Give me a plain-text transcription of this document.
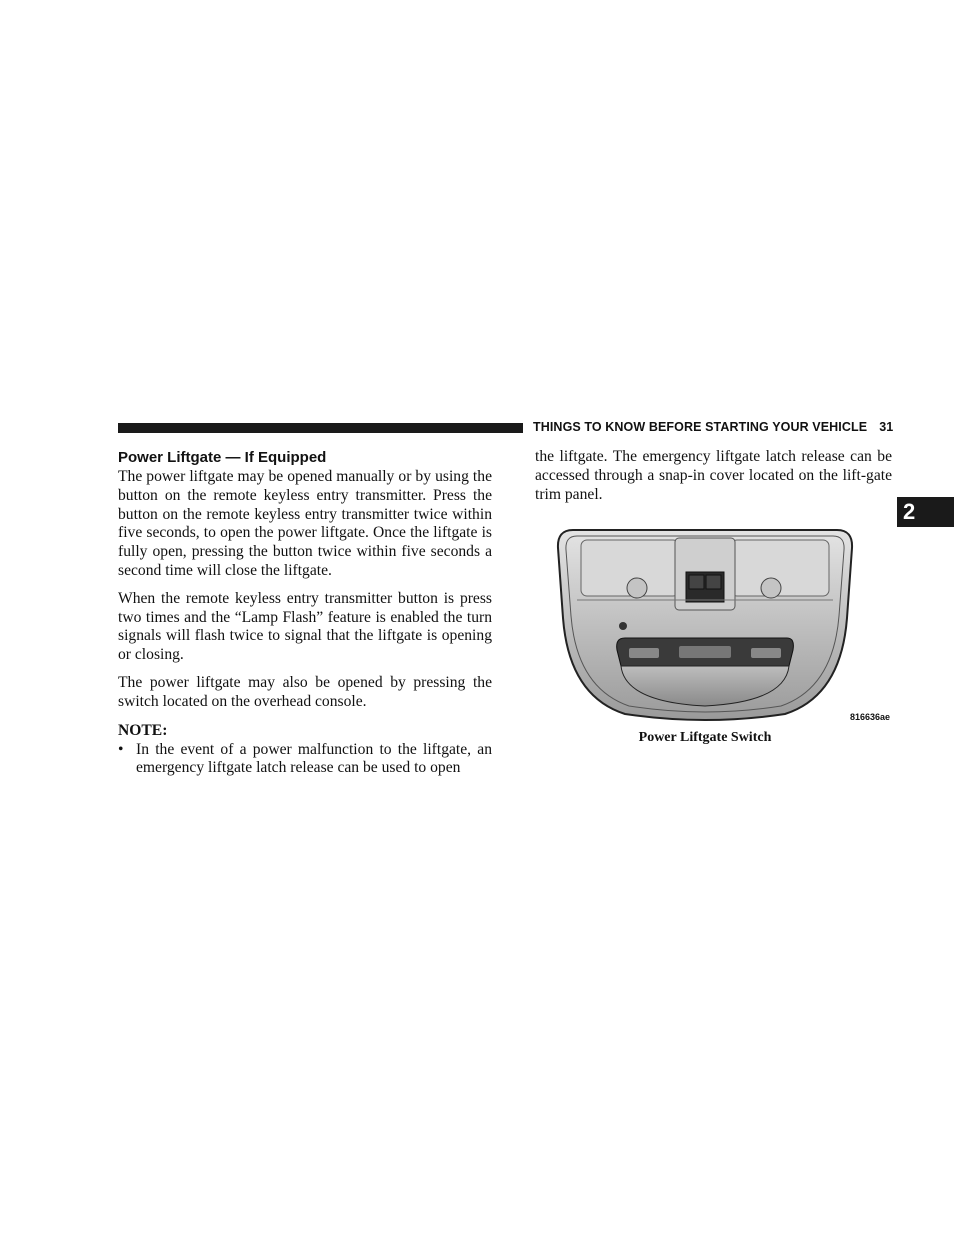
THINGS TO KNOW BEFORE STARTING YOUR VEHICLE 31
2
Power Liftgate — If Equipped

The power liftgate may be opened manually or by using the button on the remote keyless entry transmitter. Press the button on the remote keyless entry transmitter twice within five seconds, to open the power liftgate. Once the liftgate is fully open, pressing the button twice within five seconds a second time will close the liftgate.

When the remote keyless entry transmitter button is press two times and the “Lamp Flash” feature is enabled the turn signals will flash twice to signal that the liftgate is opening or closing.

The power liftgate may also be opened by pressing the switch located on the overhead console.

NOTE:
• In the event of a power malfunction to the liftgate, an emergency liftgate latch release can be used to open

the liftgate. The emergency liftgate latch release can be accessed through a snap-in cover located on the lift-gate trim panel.

816636ae
Power Liftgate Switch
